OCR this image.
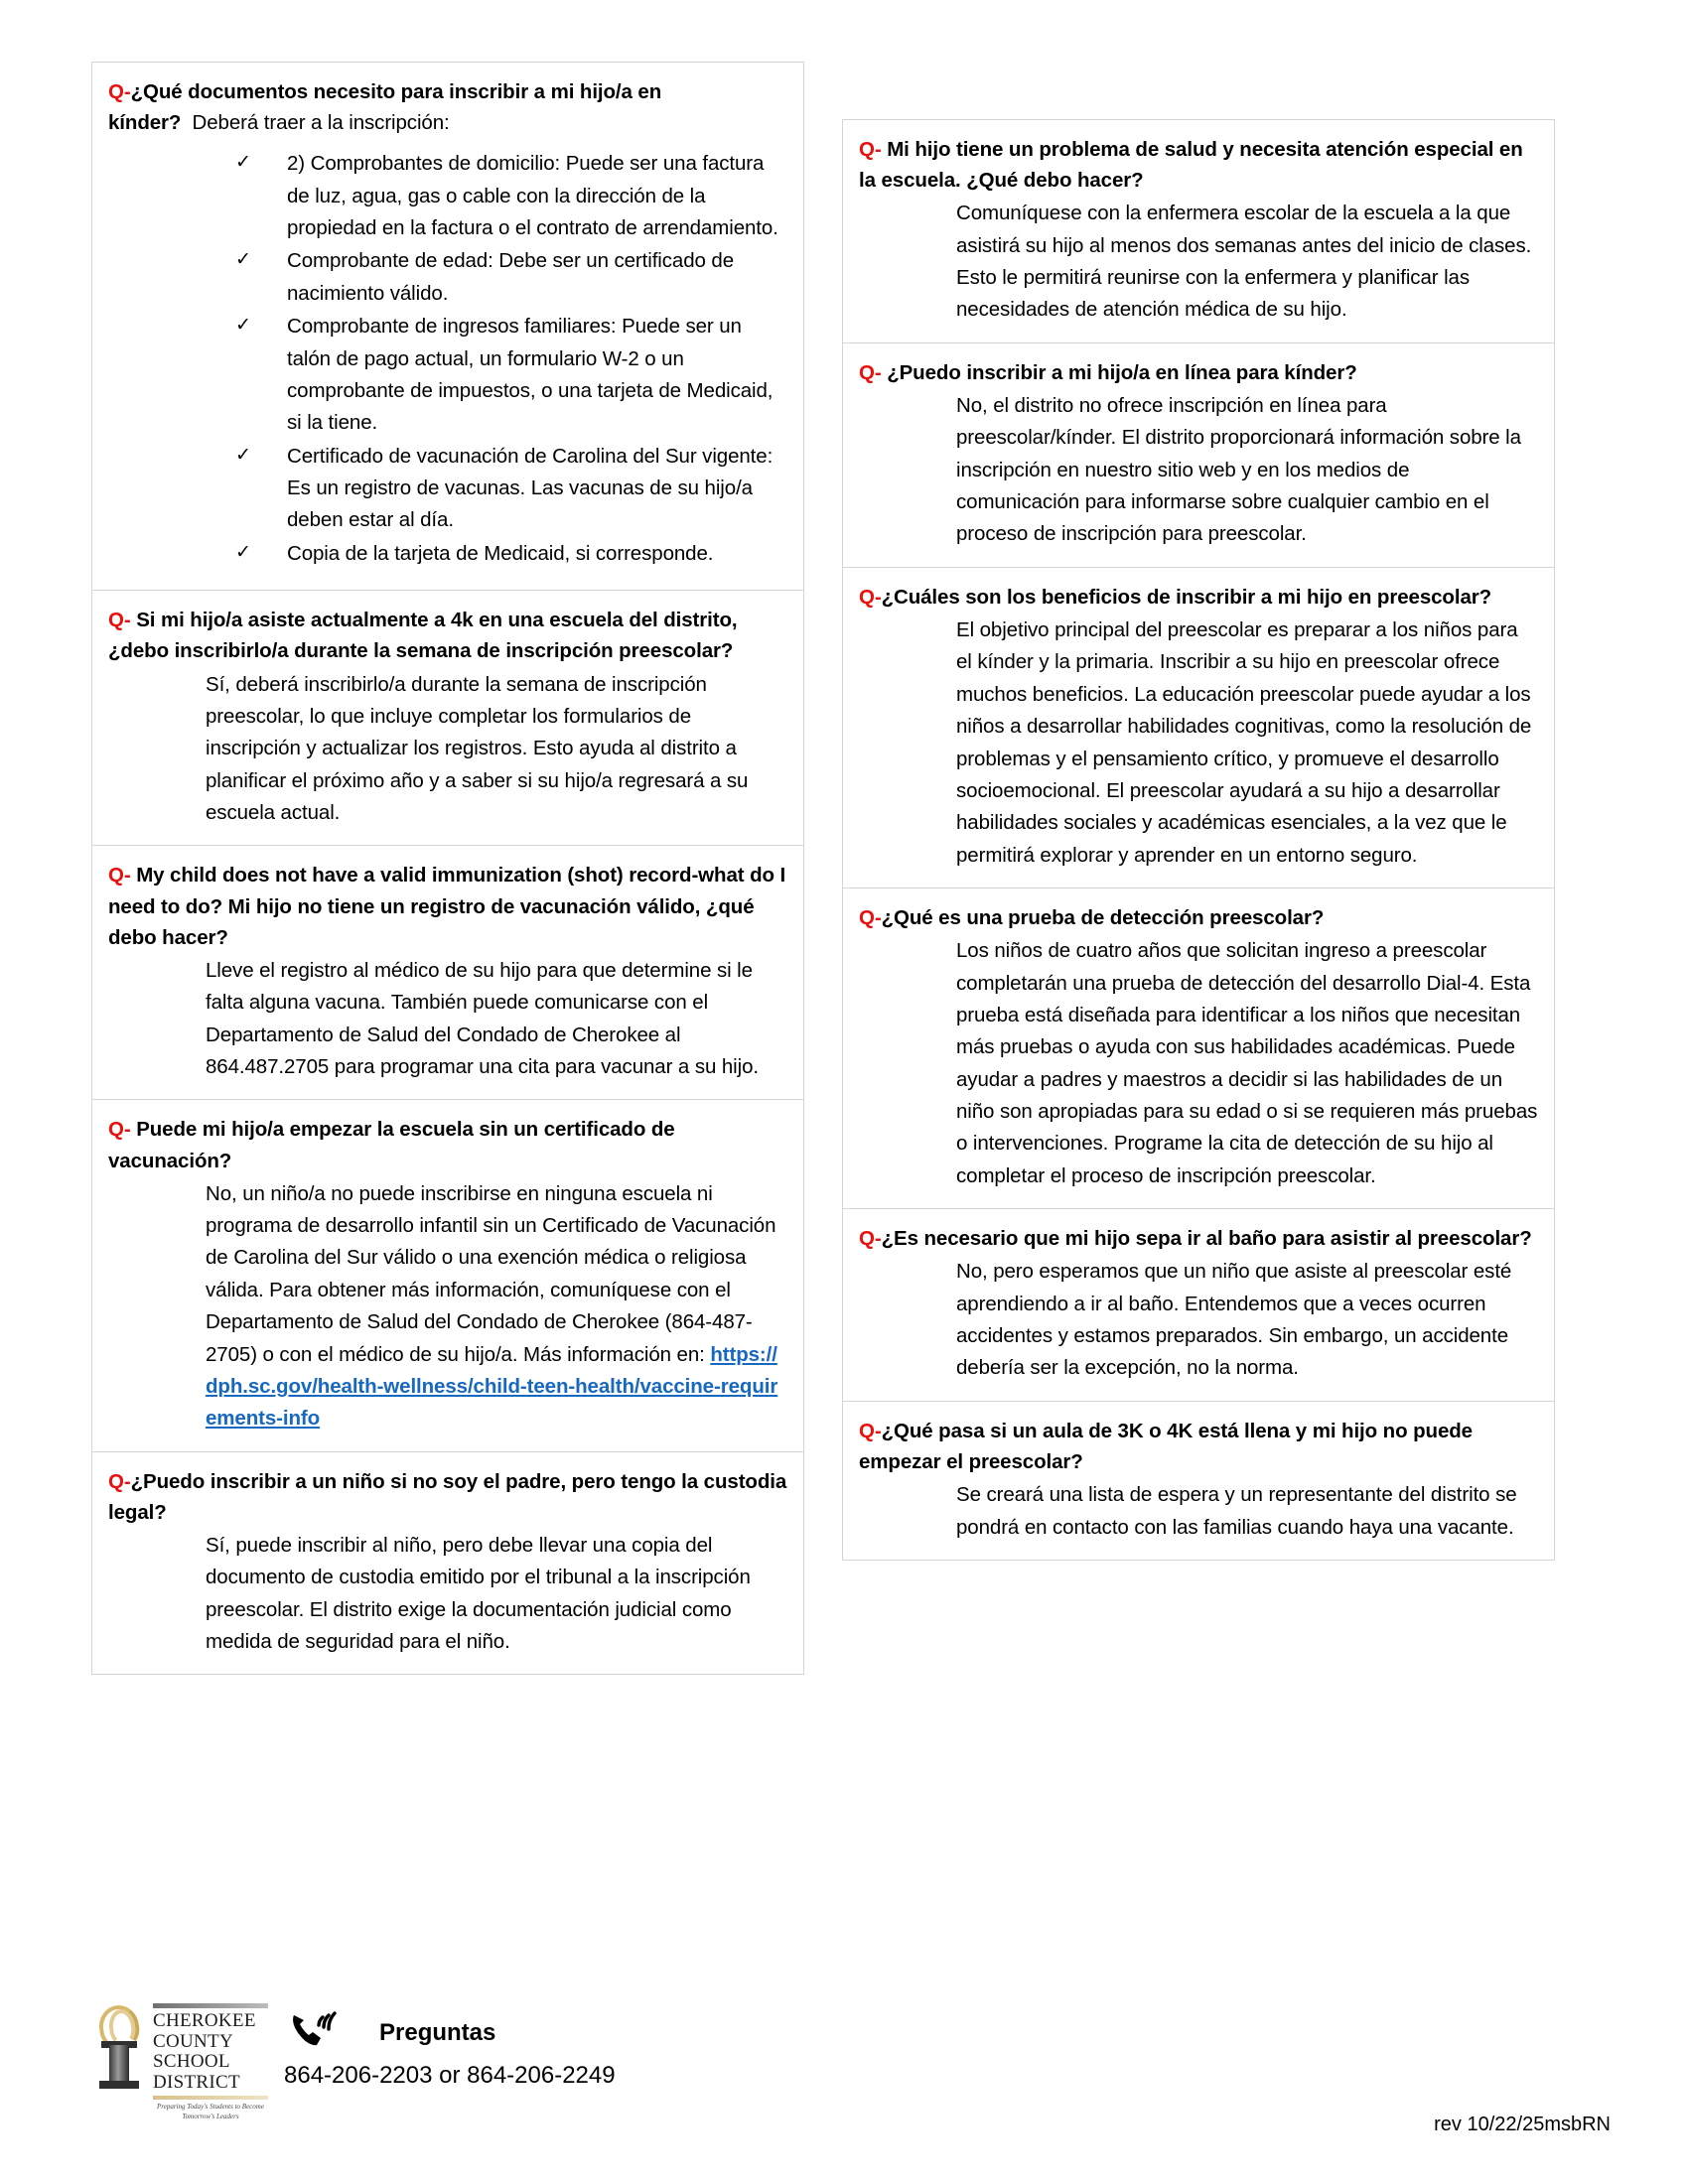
Q-¿Qué documentos necesito para inscribir a mi hijo/a en kínder? Deberá traer a la inscripción:

✓ 2) Comprobantes de domicilio: Puede ser una factura de luz, agua, gas o cable con la dirección de la propiedad en la factura o el contrato de arrendamiento.
✓ Comprobante de edad: Debe ser un certificado de nacimiento válido.
✓ Comprobante de ingresos familiares: Puede ser un talón de pago actual, un formulario W-2 o un comprobante de impuestos, o una tarjeta de Medicaid, si la tiene.
✓ Certificado de vacunación de Carolina del Sur vigente: Es un registro de vacunas. Las vacunas de su hijo/a deben estar al día.
✓ Copia de la tarjeta de Medicaid, si corresponde.

Q- Si mi hijo/a asiste actualmente a 4k en una escuela del distrito, ¿debo inscribirlo/a durante la semana de inscripción preescolar?

Sí, deberá inscribirlo/a durante la semana de inscripción preescolar, lo que incluye completar los formularios de inscripción y actualizar los registros. Esto ayuda al distrito a planificar el próximo año y a saber si su hijo/a regresará a su escuela actual.

Q- My child does not have a valid immunization (shot) record-what do I need to do? Mi hijo no tiene un registro de vacunación válido, ¿qué debo hacer?

Lleve el registro al médico de su hijo para que determine si le falta alguna vacuna. También puede comunicarse con el Departamento de Salud del Condado de Cherokee al 864.487.2705 para programar una cita para vacunar a su hijo.

Q- Puede mi hijo/a empezar la escuela sin un certificado de vacunación?

No, un niño/a no puede inscribirse en ninguna escuela ni programa de desarrollo infantil sin un Certificado de Vacunación de Carolina del Sur válido o una exención médica o religiosa válida. Para obtener más información, comuníquese con el Departamento de Salud del Condado de Cherokee (864-487-2705) o con el médico de su hijo/a. Más información en: https://dph.sc.gov/health-wellness/child-teen-health/vaccine-requirements-info

Q-¿Puedo inscribir a un niño si no soy el padre, pero tengo la custodia legal?

Sí, puede inscribir al niño, pero debe llevar una copia del documento de custodia emitido por el tribunal a la inscripción preescolar. El distrito exige la documentación judicial como medida de seguridad para el niño.

Q- Mi hijo tiene un problema de salud y necesita atención especial en la escuela. ¿Qué debo hacer?

Comuníquese con la enfermera escolar de la escuela a la que asistirá su hijo al menos dos semanas antes del inicio de clases. Esto le permitirá reunirse con la enfermera y planificar las necesidades de atención médica de su hijo.

Q- ¿Puedo inscribir a mi hijo/a en línea para kínder?

No, el distrito no ofrece inscripción en línea para preescolar/kínder. El distrito proporcionará información sobre la inscripción en nuestro sitio web y en los medios de comunicación para informarse sobre cualquier cambio en el proceso de inscripción para preescolar.

Q-¿Cuáles son los beneficios de inscribir a mi hijo en preescolar?

El objetivo principal del preescolar es preparar a los niños para el kínder y la primaria. Inscribir a su hijo en preescolar ofrece muchos beneficios. La educación preescolar puede ayudar a los niños a desarrollar habilidades cognitivas, como la resolución de problemas y el pensamiento crítico, y promueve el desarrollo socioemocional. El preescolar ayudará a su hijo a desarrollar habilidades sociales y académicas esenciales, a la vez que le permitirá explorar y aprender en un entorno seguro.

Q-¿Qué es una prueba de detección preescolar?

Los niños de cuatro años que solicitan ingreso a preescolar completarán una prueba de detección del desarrollo Dial-4. Esta prueba está diseñada para identificar a los niños que necesitan más pruebas o ayuda con sus habilidades académicas. Puede ayudar a padres y maestros a decidir si las habilidades de un niño son apropiadas para su edad o si se requieren más pruebas o intervenciones. Programe la cita de detección de su hijo al completar el proceso de inscripción preescolar.

Q-¿Es necesario que mi hijo sepa ir al baño para asistir al preescolar?

No, pero esperamos que un niño que asiste al preescolar esté aprendiendo a ir al baño. Entendemos que a veces ocurren accidentes y estamos preparados. Sin embargo, un accidente debería ser la excepción, no la norma.

Q-¿Qué pasa si un aula de 3K o 4K está llena y mi hijo no puede empezar el preescolar?

Se creará una lista de espera y un representante del distrito se pondrá en contacto con las familias cuando haya una vacante.

CHEROKEE
COUNTY
SCHOOL
DISTRICT
Preparing Today's Students to Become
Tomorrow's Leaders
Preguntas
864-206-2203 or 864-206-2249
rev 10/22/25msbRN
